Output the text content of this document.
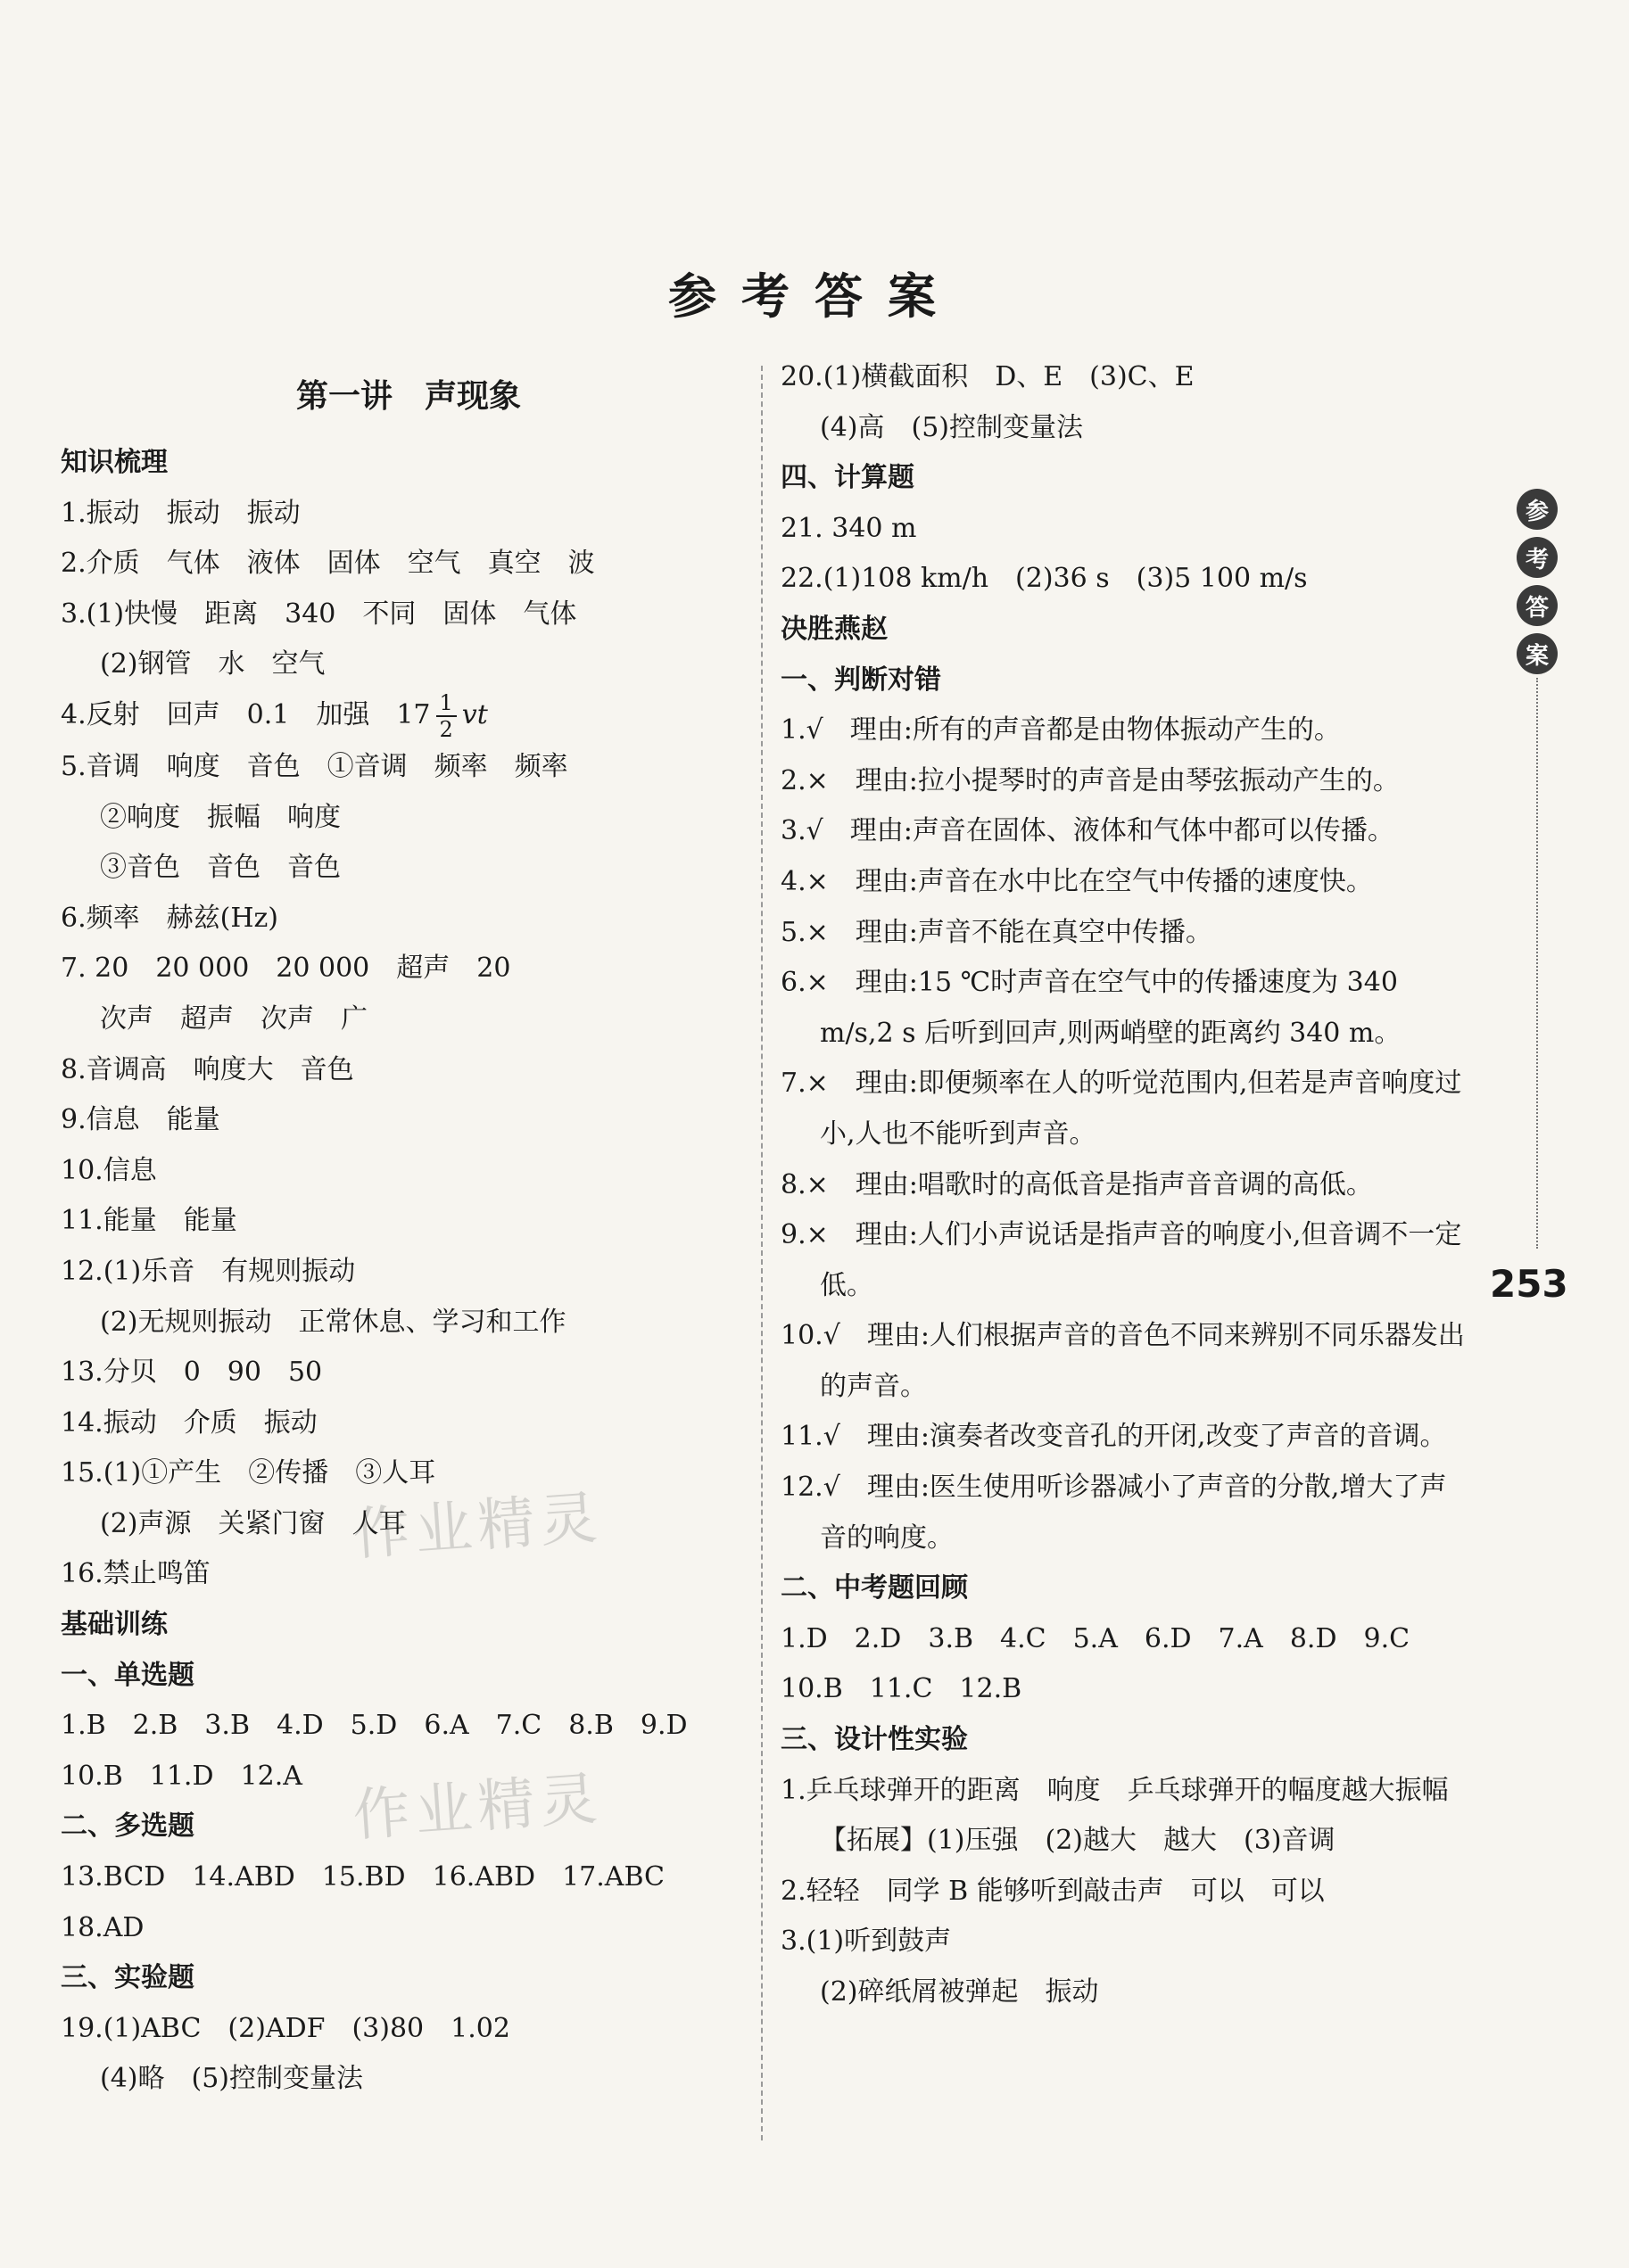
参考答案
作业精灵
作业精灵
第一讲　声现象
知识梳理
1.振动　振动　振动
2.介质　气体　液体　固体　空气　真空　波
3.(1)快慢　距离　340　不同　固体　气体
(2)钢管　水　空气
4.反射　回声　0.1　加强　$17 \frac{1}{2}$ vt
5.音调　响度　音色　①音调　频率　频率
②响度　振幅　响度
③音色　音色　音色
6.频率　赫兹(Hz)
7. 20　20 000　20 000　超声　20
次声　超声　次声　广
8.音调高　响度大　音色
9.信息　能量
10.信息
11.能量　能量
12.(1)乐音　有规则振动
(2)无规则振动　正常休息、学习和工作
13.分贝　0　90　50
14.振动　介质　振动
15.(1)①产生　②传播　③人耳
(2)声源　关紧门窗　人耳
16.禁止鸣笛
基础训练
一、单选题
1.B　2.B　3.B　4.D　5.D　6.A　7.C　8.B　9.D
10.B　11.D　12.A
二、多选题
13.BCD　14.ABD　15.BD　16.ABD　17.ABC
18.AD
三、实验题
19.(1)ABC　(2)ADF　(3)80　1.02
(4)略　(5)控制变量法
20.(1)横截面积　D、E　(3)C、E
(4)高　(5)控制变量法
四、计算题
21. 340 m
22.(1)108 km/h　(2)36 s　(3)5 100 m/s
决胜燕赵
一、判断对错
1.√　理由:所有的声音都是由物体振动产生的。
2.×　理由:拉小提琴时的声音是由琴弦振动产生的。
3.√　理由:声音在固体、液体和气体中都可以传播。
4.×　理由:声音在水中比在空气中传播的速度快。
5.×　理由:声音不能在真空中传播。
6.×　理由:15 ℃时声音在空气中的传播速度为 340 m/s,2 s 后听到回声,则两峭壁的距离约 340 m。
7.×　理由:即便频率在人的听觉范围内,但若是声音响度过小,人也不能听到声音。
8.×　理由:唱歌时的高低音是指声音音调的高低。
9.×　理由:人们小声说话是指声音的响度小,但音调不一定低。
10.√　理由:人们根据声音的音色不同来辨别不同乐器发出的声音。
11.√　理由:演奏者改变音孔的开闭,改变了声音的音调。
12.√　理由:医生使用听诊器减小了声音的分散,增大了声音的响度。
二、中考题回顾
1.D　2.D　3.B　4.C　5.A　6.D　7.A　8.D　9.C
10.B　11.C　12.B
三、设计性实验
1.乒乓球弹开的距离　响度　乒乓球弹开的幅度越大振幅
【拓展】(1)压强　(2)越大　越大　(3)音调
2.轻轻　同学 B 能够听到敲击声　可以　可以
3.(1)听到鼓声
(2)碎纸屑被弹起　振动
参
考
答
案
253
